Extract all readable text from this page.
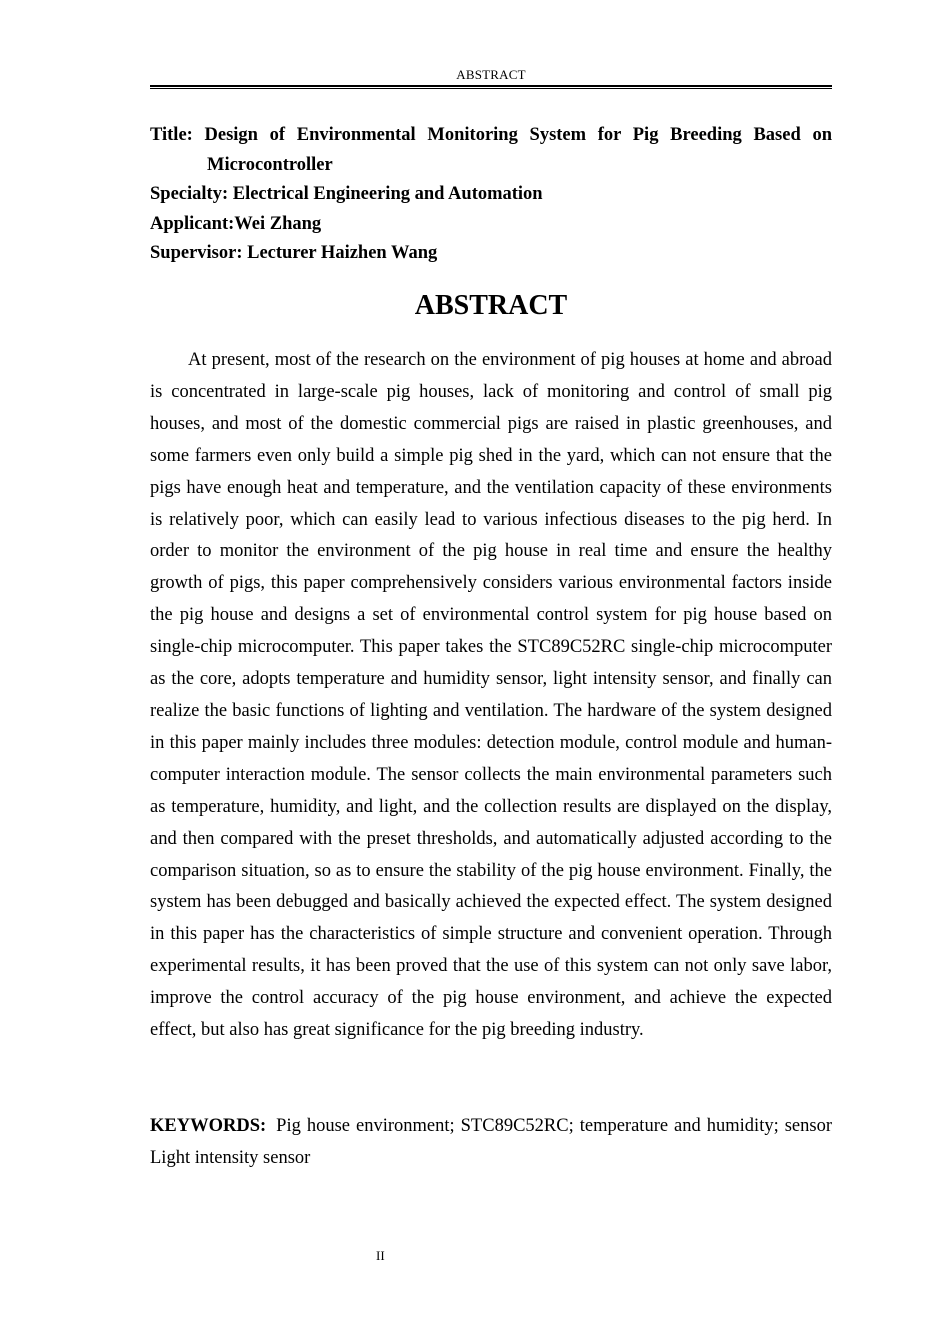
ABSTRACT
Title: Design of Environmental Monitoring System for Pig Breeding Based on Microcontroller
Specialty: Electrical Engineering and Automation
Applicant:Wei Zhang
Supervisor: Lecturer Haizhen Wang
ABSTRACT

At present, most of the research on the environment of pig houses at home and abroad is concentrated in large-scale pig houses, lack of monitoring and control of small pig houses, and most of the domestic commercial pigs are raised in plastic greenhouses, and some farmers even only build a simple pig shed in the yard, which can not ensure that the pigs have enough heat and temperature, and the ventilation capacity of these environments is relatively poor, which can easily lead to various infectious diseases to the pig herd. In order to monitor the environment of the pig house in real time and ensure the healthy growth of pigs, this paper comprehensively considers various environmental factors inside the pig house and designs a set of environmental control system for pig house based on single-chip microcomputer. This paper takes the STC89C52RC single-chip microcomputer as the core, adopts temperature and humidity sensor, light intensity sensor, and finally can realize the basic functions of lighting and ventilation. The hardware of the system designed in this paper mainly includes three modules: detection module, control module and human-computer interaction module. The sensor collects the main environmental parameters such as temperature, humidity, and light, and the collection results are displayed on the display, and then compared with the preset thresholds, and automatically adjusted according to the comparison situation, so as to ensure the stability of the pig house environment. Finally, the system has been debugged and basically achieved the expected effect. The system designed in this paper has the characteristics of simple structure and convenient operation. Through experimental results, it has been proved that the use of this system can not only save labor, improve the control accuracy of the pig house environment, and achieve the expected effect, but also has great significance for the pig breeding industry.

KEYWORDS: Pig house environment; STC89C52RC; temperature and humidity; sensor Light intensity sensor

II
